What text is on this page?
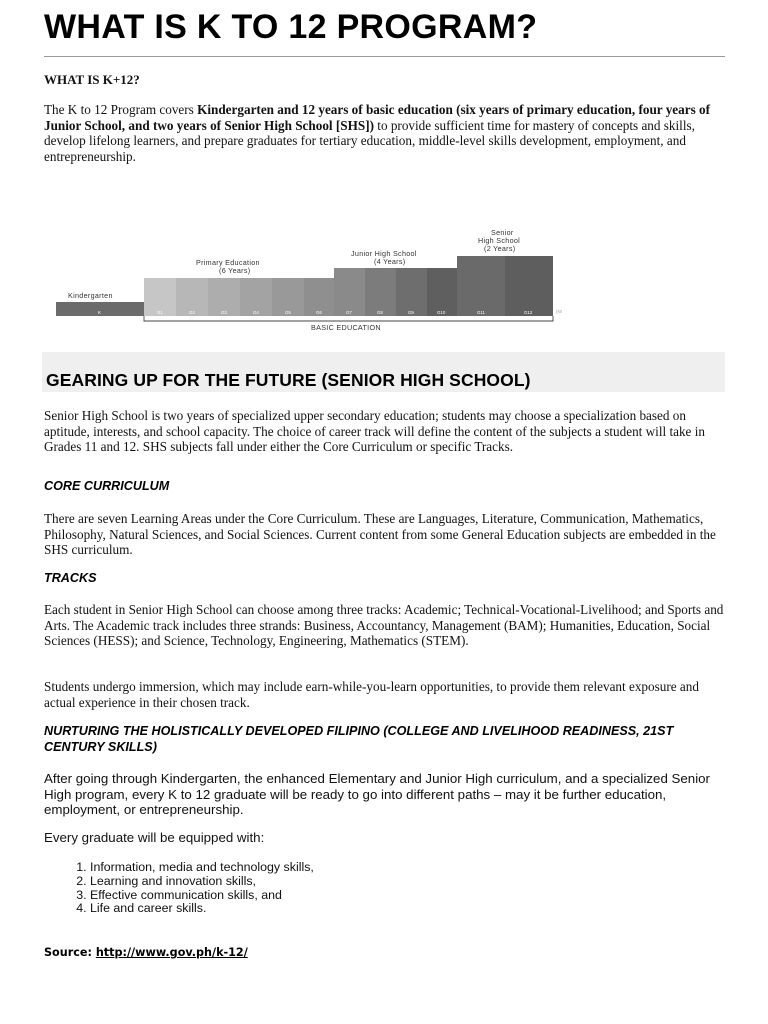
WHAT IS K TO 12 PROGRAM?

WHAT IS K+12?

The K to 12 Program covers Kindergarten and 12 years of basic education (six years of primary education, four years of Junior School, and two years of Senior High School [SHS]) to provide sufficient time for mastery of concepts and skills, develop lifelong learners, and prepare graduates for tertiary education, middle-level skills development, employment, and entrepreneurship.

Kindergarten
Primary Education
(6 Years)
Junior High School
(4 Years)
Senior
High School
(2 Years)
K	G1	G2	G3	G4	G5	G6	G7	G8	G9	G10	G11	G12	(NI
BASIC EDUCATION
GEARING UP FOR THE FUTURE (SENIOR HIGH SCHOOL)

Senior High School is two years of specialized upper secondary education; students may choose a specialization based on aptitude, interests, and school capacity. The choice of career track will define the content of the subjects a student will take in Grades 11 and 12. SHS subjects fall under either the Core Curriculum or specific Tracks.

CORE CURRICULUM

There are seven Learning Areas under the Core Curriculum. These are Languages, Literature, Communication, Mathematics, Philosophy, Natural Sciences, and Social Sciences. Current content from some General Education subjects are embedded in the SHS curriculum.

TRACKS

Each student in Senior High School can choose among three tracks: Academic; Technical-Vocational-Livelihood; and Sports and Arts. The Academic track includes three strands: Business, Accountancy, Management (BAM); Humanities, Education, Social Sciences (HESS); and Science, Technology, Engineering, Mathematics (STEM).

Students undergo immersion, which may include earn-while-you-learn opportunities, to provide them relevant exposure and actual experience in their chosen track.

NURTURING THE HOLISTICALLY DEVELOPED FILIPINO (COLLEGE AND LIVELIHOOD READINESS, 21ST CENTURY SKILLS)

After going through Kindergarten, the enhanced Elementary and Junior High curriculum, and a specialized Senior High program, every K to 12 graduate will be ready to go into different paths – may it be further education, employment, or entrepreneurship.

Every graduate will be equipped with:

1. Information, media and technology skills,
2. Learning and innovation skills,
3. Effective communication skills, and
4. Life and career skills.
Source: http://www.gov.ph/k-12/
